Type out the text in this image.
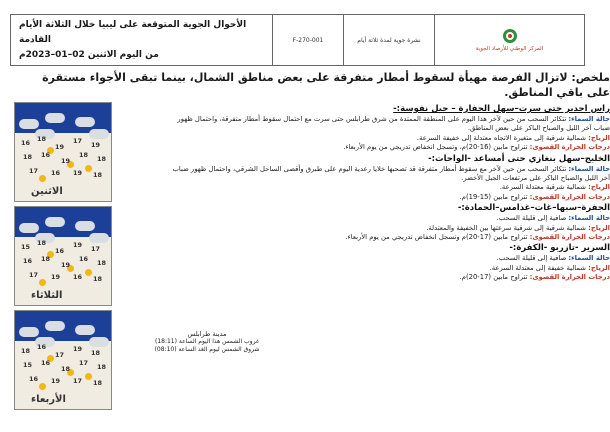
الأحوال الجوية المتوقعة على ليبيا خلال الثلاثة الأيام القادمة
من اليوم الاثنين 02–01–2023م
F-270-001	نشرة جوية لمدة ثلاثة أيام
المركز الوطني للأرصاد الجوية
ملخص: لاتزال الفرصة مهيأة لسقوط أمطار متفرقة على بعض مناطق الشمال، بينما تبقى الأجواء مستقرة على باقي المناطق.
راس اجدير حتى سرت–سهل الجفارة – جبل نفوسة:-
حالة السماء: تتكاثر السحب من حين لآخر هذا اليوم على المنطقة الممتدة من شرق طرابلس حتى سرت مع احتمال سقوط أمطار متفرقة، واحتمال ظهور ضباب آخر الليل والصباح الباكر على بعض المناطق.
الرياح: شمالية شرقية إلى متغيرة الاتجاه معتدلة إلى خفيفة السرعة.
درجات الحرارة القصوى: تتراوح مابين (16-20)م، وتسجل انخفاض تدريجي من يوم الأربعاء.
الخليج–سهل بنغازي حتى أمساعد -الواحات:-
حالة السماء: تتكاثر السحب من حين لآخر مع سقوط أمطار متفرقة قد تصحبها خلايا رعدية اليوم على طبرق وأقصى الساحل الشرقي، واحتمال ظهور ضباب آخر الليل والصباح الباكر على مرتفعات الجبل الأخضر.
الرياح: شمالية شرقية معتدلة السرعة.
درجات الحرارة القصوى: تتراوح مابين (15-19)م.
الجفرة–سبها–غات–غدامس–الحمادة:-
حالة السماء: صافية إلى قليلة السحب.
الرياح: شمالية شرقية إلى شرقية سرعتها بين الخفيفة والمعتدلة.
درجات الحرارة القصوى: تتراوح مابين (17-20)م وتسجل انخفاض تدريجي من يوم الأربعاء.
السرير -تازربو -الكفرة:-
حالة السماء: صافية إلى قليلة السحب.
الرياح: شمالية خفيفة إلى معتدلة السرعة.
درجات الحرارة القصوى: تتراوح مابين (17-20)م.
الاثنين
16 18
19
17 19
18 16
19
18 18
17 16 19 18
الثلاثاء
15 18
16
19 17
16 18
19
16 18
17 19 16 18
الأربعاء
18 16
17
19 18
15 16
18
17 18
16 19 17 18
مدينة طرابلس
غروب الشمس هذا اليوم الساعة (18:11)
شروق الشمس ليوم الغد الساعة (08:10)
